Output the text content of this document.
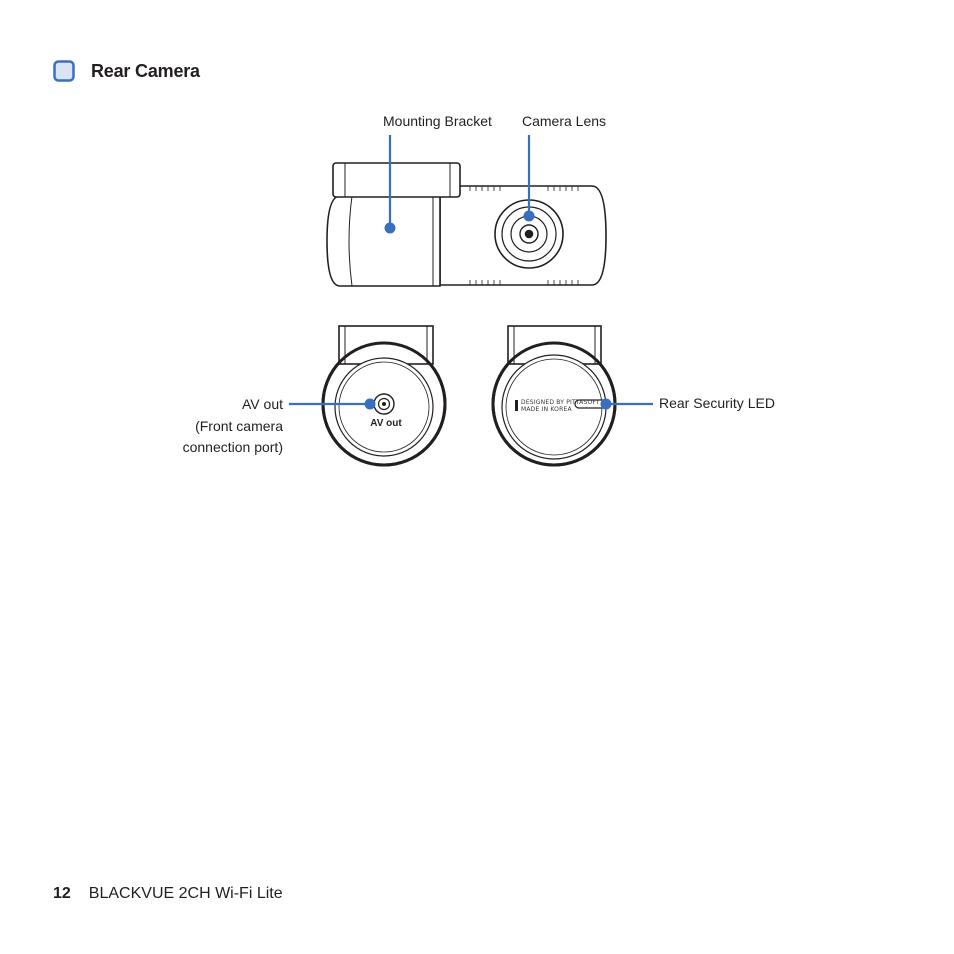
Rear Camera
Mounting Bracket Camera Lens
AV out
(Front camera
connection port)
Rear Security LED
AV out
DESIGNED BY PITTASOFT
MADE IN KOREA
12 BLACKVUE 2CH Wi-Fi Lite
